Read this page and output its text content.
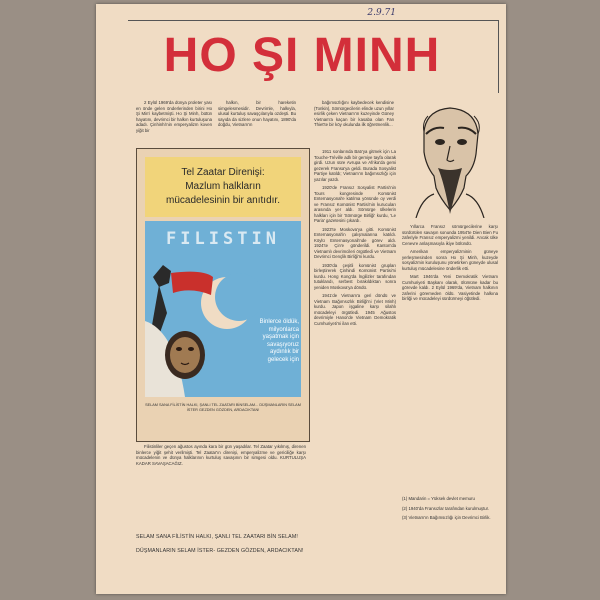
2.9.71
HO ŞI MINH

2 Eylül 1969'da dünya proleter yası en önde gelen önderlerinden birini Ho Şi Min'i kaybetmişti. Ho Şi Minh, bütün hayatını, devrimci bir halkın kurtuluşuna adadı. Çinhinhi'nin emperyalizm koven yiğit bir

halkın, bir hareketin simgelesmesidir. Devrimle, halkıyla, ulusal kurtuluş savaşçılarıyla ozdeşti. Bu sayıda da sizlere onun hayatını, 1890'da doğdu, Vietnam'ın

bağımsızlığını kaybedecek kendisine (Tonkin), Sömürgecilerin elinde uzun yıllar esirlik çeken Vietnam'ın kuzeyinde Güney Vietnam'a kaçan bir kasaba olan Fan Thiet'te bir köy okulunda ilk öğretmenlik...

1911 sonlarında Batı'ya gitmek için La Touche-Tréville adlı bir gemiye tayfa olarak girdi. Uzun süre Avrupa ve Afrika'da gemi gezerek Fransa'ya geldi. Burada Sosyalist Partiye katıldı; Vietnam'ın bağımsızlığı için yazılar yazdı.

1920'de Fransız Sosyalist Partisi'nin Tours kongresinde Komünist Enternasyonal'e katılma yönünde oy verdi ve Fransız Komünist Partisi'nin kurucuları arasında yer aldı. Sömürge ülkelerin halkları için bir 'Sömürge Birliği' kurdu, 'Le Paria' gazetesini çıkardı.

1923'te Moskova'ya gitti. Komünist Enternasyonal'in çalışmalarına katıldı. Köylü Enternasyonali'nde görev aldı. 1924'te Çin'e gönderildi. Kanton'da Vietnamlı devrimcileri örgütledi ve Vietnam Devrimci Gençlik Birliği'ni kurdu.

1930'da çeşitli komünist grupları birleştirerek Çinhindi Komünist Partisi'ni kurdu. Hong Kong'da İngilizler tarafından tutuklandı, serbest bırakıldıktan sonra yeniden Moskova'ya döndü.

1941'de Vietnam'a geri döndü ve Vietnam Bağımsızlık Birliği'ni (Viet Minh) kurdu. Japon işgaline karşı silahlı mücadeleyi örgütledi. 1945 Ağustos devrimiyle Hanoi'de Vietnam Demokratik Cumhuriyeti'ni ilan etti.

Yıllarca Fransız sömürgecilerine karşı sürdürülen savaşın sonunda 1954'te Dien Bien Fu zaferiyle Fransız emperyalizmi yenildi. Ancak ülke Cenevre anlaşmasıyla ikiye bölündü.

Amerikan emperyalizminin güneye yerleşmesinden sonra Ho Şi Minh, kuzeyde sosyalizmin kuruluşunu yönetirken güneyde ulusal kurtuluş mücadelesine önderlik etti.

Mart 1946'da Yeni Demokratik Vietnam Cumhuriyeti Başkanı olarak, ölümüne kadar bu görevde kaldı. 2 Eylül 1969'da, Vietnam halkının zaferini göremeden öldü. Vasiyetinde halkına birliği ve mücadeleyi sürdürmeyi öğütledi.

(1) Mandarin = Yüksek devlet memuru
(2) 1940'da Fransızlar tarafından kurulmuştur.
(3) Vietnam'ın Bağımsızlığı için Devrimci Birlik.
Tel Zaatar Direnişi:
Mazlum halkların
mücadelesinin bir anıtıdır.
FILISTIN
Binlerce öldük,
milyonlarca
yaşatmak için
savaşıyoruz
aydınlık bir
gelecek için
SELAM SANA FİLİSTİN HALKI, ŞANLI TEL ZAATARI BİNSELAM... DÜŞMANLARIN SELAM İSTER GEZDEN GÖZDEN, ARDACIKTAN!

Filistinliler geçen ağustos ayında kara bir gün yaşadılar. Tel Zaatar yıkılmış, direnen binlerce yiğit şehit verilmişti. Tel Zaatar'ın direnişi, emperyalizme ve gericiliğe karşı mücadelenin ve dünya halklarının kurtuluş savaşının bir simgesi oldu. KURTULUŞA KADAR SAVAŞACAĞIZ.

SELAM SANA FİLİSTİN HALKI, ŞANLI TEL ZAATARI BİN SELAM!
DÜŞMANLARIN SELAM İSTER- GEZDEN GÖZDEN, ARDACIKTAN!
